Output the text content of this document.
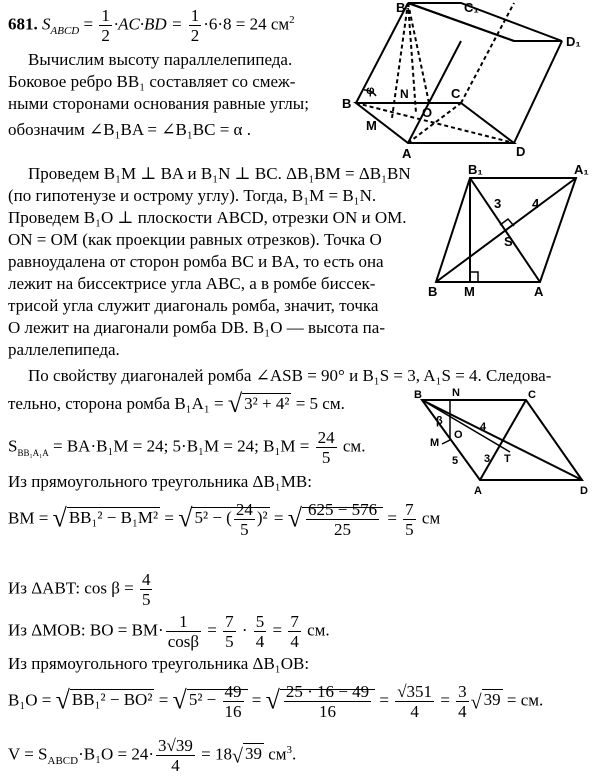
681. $S_{ABCD} = \frac{1}{2} \cdot AC\cdot BD = \frac{1}{2} \cdot 6\cdot 8 = 24$ $см^2$
Вычислим высоту параллелепипеда.
Боковое ребро BB₁ составляет со смеж-
ными сторонами основания равные углы;
обозначим ∠B₁BA = ∠B₁BC = α .
B
A	D
C
B₁	C₁
D₁
M
N
O
φ
Проведем B₁M ⊥ BA и B₁N ⊥ BC. ΔB₁BM = ΔB₁BN
(по гипотенузе и острому углу). Тогда, B₁M = B₁N.
Проведем B₁O ⊥ плоскости ABCD, отрезки ON и OM.
ON = OM (как проекции равных отрезков). Точка О
равноудалена от сторон ромба BC и BA, то есть она
лежит на биссектрисе угла ABC, а в ромбе биссек-
трисой угла служит диагональ ромба, значит, точка
O лежит на диагонали ромба DB. B₁O — высота па-
раллелепипеда.
B₁	A₁
B M	A
S
3 4
По свойству диагоналей ромба ∠ASB = 90° и B₁S = 3, A₁S = 4. Следова-
тельно, сторона ромба B₁A₁ = √ 3² + 4² = 5 см.	B	N	C
β
O
4
M
5 3 T
A	D
$S_{BB_1A_1A} = BA\cdot B_1M = 24$; 5·B₁M = 24; $B_1M = \frac{24}{5}$ см.
Из прямоугольного треугольника ΔB₁MB:
BM = √ BB₁² − B₁M² = √ 5² − ( $\frac{24}{5} )^2$ = √ $\frac{625 - 576}{25} = \frac{7}{5}$ см
Из ΔABT: $\cos \beta = \frac{4}{5}$
Из ΔMOB: BO = $BM\cdot \frac{1}{\cos\beta} = \frac{7}{5} \cdot \frac{5}{4} = \frac{7}{4}$ см.
Из прямоугольного треугольника ΔB₁OB:
B₁O = √ BB₁² − BO² = √ $5^2 - \frac{49}{16}$ = √ $\frac{25 \cdot 16 - 49}{16} = \frac{√351}{4} = \frac{3}{4}$ √ 39 = см.
$V = S_{ABCD}\cdot B_1O = 24\cdot \frac{3√39}{4} = 18√$ 39 $см^3$.
